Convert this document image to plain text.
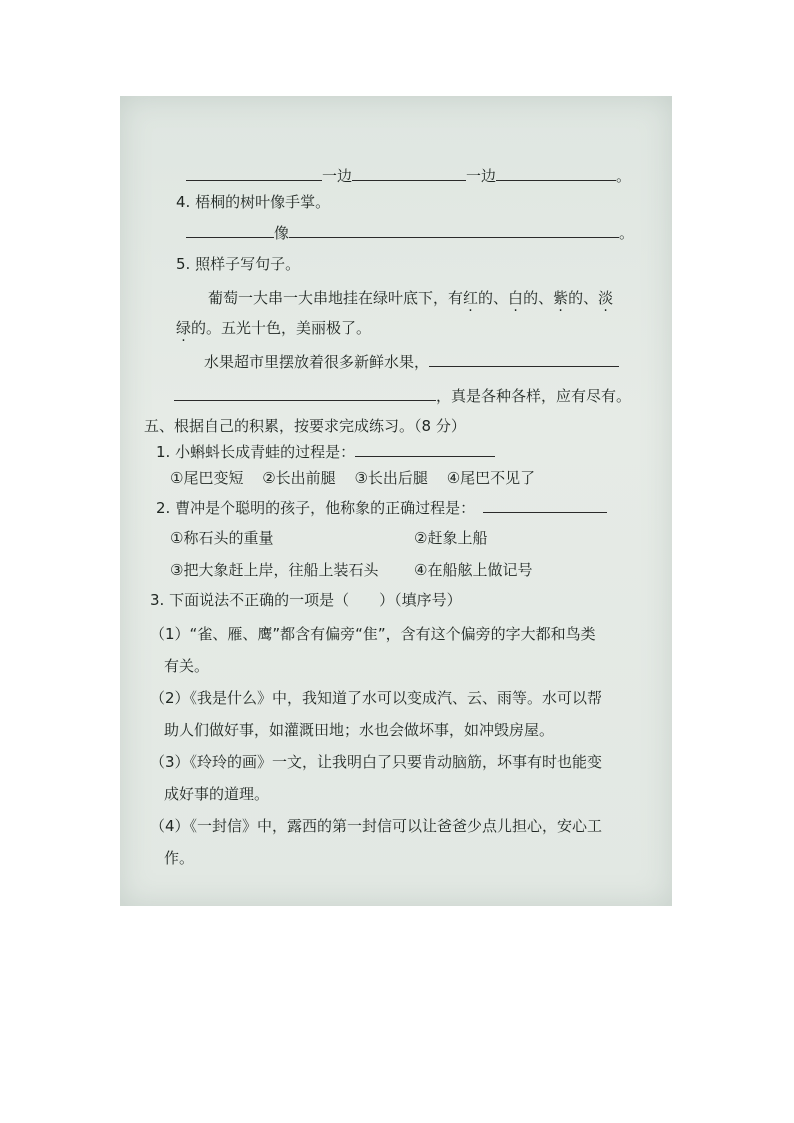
一边	一边	。
4. 梧桐的树叶像手掌。
像	。
5. 照样子写句子。
葡萄一大串一大串地挂在绿叶底下，有红的、白的、紫的、淡
绿的。五光十色，美丽极了。
水果超市里摆放着很多新鲜水果，
，真是各种各样，应有尽有。
五、根据自己的积累，按要求完成练习。（8 分）
1. 小蝌蚪长成青蛙的过程是：
①尾巴变短 ②长出前腿 ③长出后腿 ④尾巴不见了
2. 曹冲是个聪明的孩子，他称象的正确过程是：
①称石头的重量	②赶象上船
③把大象赶上岸，往船上装石头 ④在船舷上做记号
3. 下面说法不正确的一项是（　　）（填序号）
（1）“雀、雁、鹰”都含有偏旁“隹”，含有这个偏旁的字大都和鸟类
有关。
（2）《我是什么》中，我知道了水可以变成汽、云、雨等。水可以帮
助人们做好事，如灌溉田地；水也会做坏事，如冲毁房屋。
（3）《玲玲的画》一文，让我明白了只要肯动脑筋，坏事有时也能变
成好事的道理。
（4）《一封信》中，露西的第一封信可以让爸爸少点儿担心，安心工
作。
